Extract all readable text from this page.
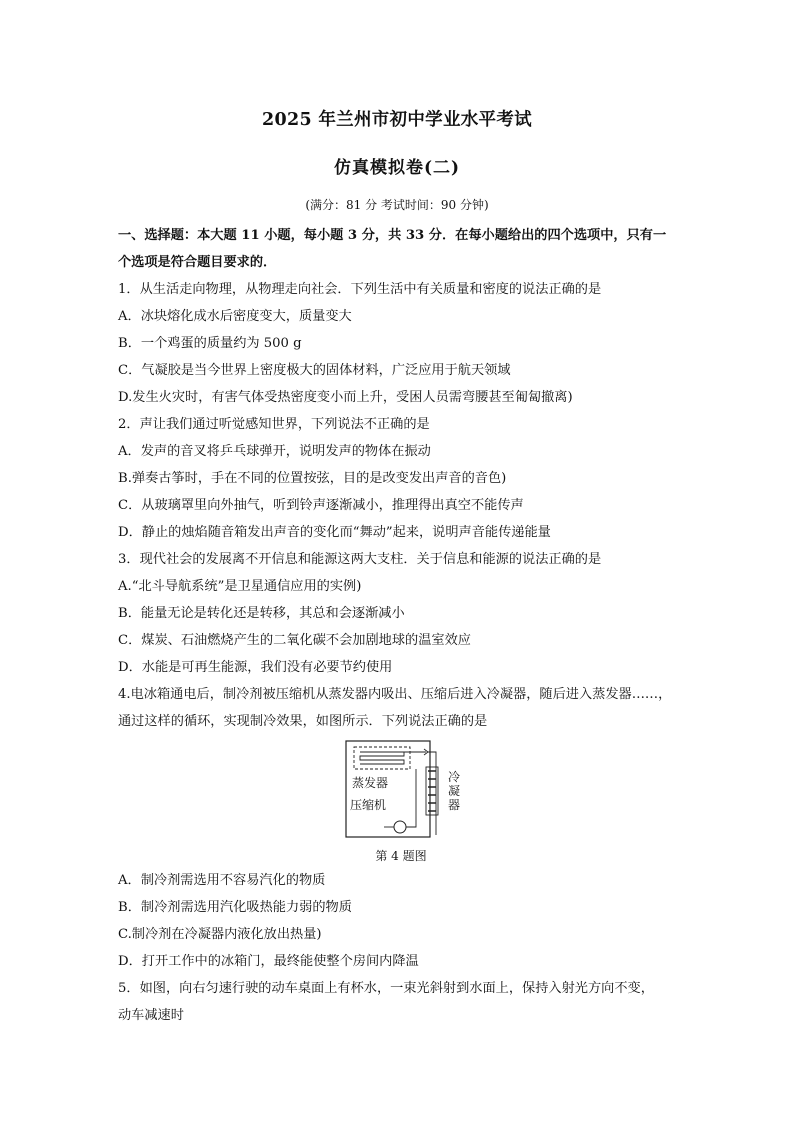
2025 年兰州市初中学业水平考试
仿真模拟卷(二)
(满分：81 分 考试时间：90 分钟)
一、选择题：本大题 11 小题，每小题 3 分，共 33 分．在每小题给出的四个选项中，只有一
个选项是符合题目要求的．
1．从生活走向物理，从物理走向社会．下列生活中有关质量和密度的说法正确的是
A．冰块熔化成水后密度变大，质量变大
B．一个鸡蛋的质量约为 500 g
C．气凝胶是当今世界上密度极大的固体材料，广泛应用于航天领域
D.发生火灾时，有害气体受热密度变小而上升，受困人员需弯腰甚至匍匐撤离)
2．声让我们通过听觉感知世界，下列说法不正确的是
A．发声的音叉将乒乓球弹开，说明发声的物体在振动
B.弹奏古筝时，手在不同的位置按弦，目的是改变发出声音的音色)
C．从玻璃罩里向外抽气，听到铃声逐渐减小，推理得出真空不能传声
D．静止的烛焰随音箱发出声音的变化而“舞动”起来，说明声音能传递能量
3．现代社会的发展离不开信息和能源这两大支柱．关于信息和能源的说法正确的是
A.“北斗导航系统”是卫星通信应用的实例)
B．能量无论是转化还是转移，其总和会逐渐减小
C．煤炭、石油燃烧产生的二氧化碳不会加剧地球的温室效应
D．水能是可再生能源，我们没有必要节约使用
4.电冰箱通电后，制冷剂被压缩机从蒸发器内吸出、压缩后进入冷凝器，随后进入蒸发器……，
通过这样的循环，实现制冷效果，如图所示．下列说法正确的是
蒸发器
压缩机
冷
凝
器
第 4 题图
A．制冷剂需选用不容易汽化的物质
B．制冷剂需选用汽化吸热能力弱的物质
C.制冷剂在冷凝器内液化放出热量)
D．打开工作中的冰箱门，最终能使整个房间内降温
5．如图，向右匀速行驶的动车桌面上有杯水，一束光斜射到水面上，保持入射光方向不变，
动车减速时
